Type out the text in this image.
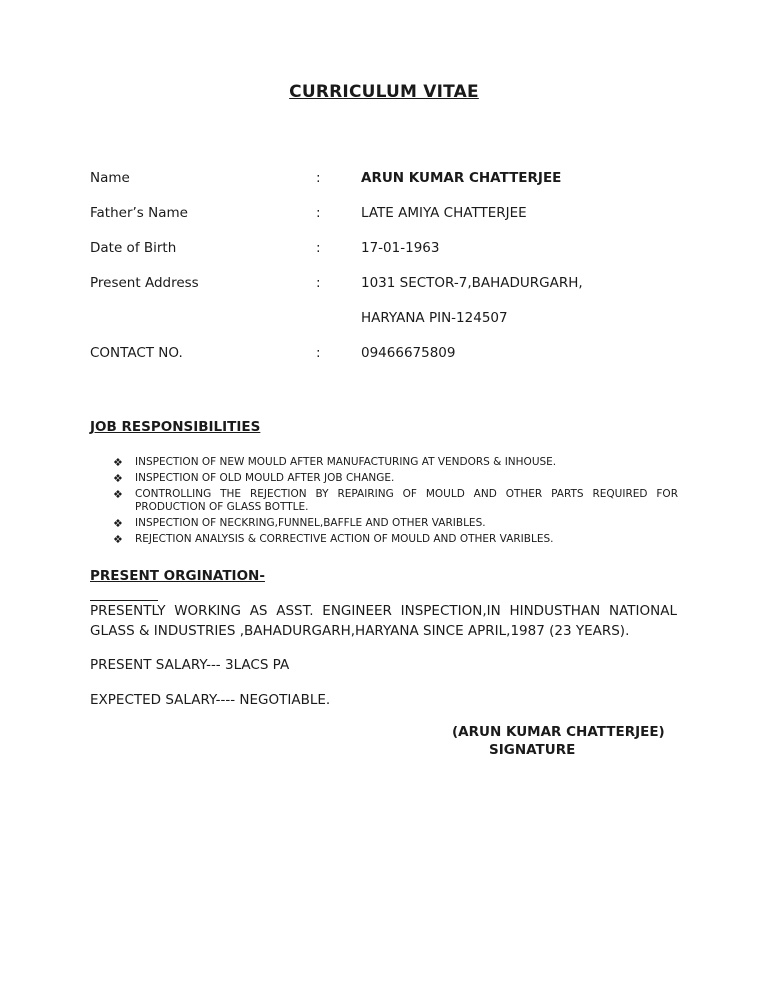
CURRICULUM VITAE
Name	:	ARUN KUMAR CHATTERJEE
Father’s Name	:	LATE AMIYA CHATTERJEE
Date of Birth	:	17-01-1963
Present Address	:	1031 SECTOR-7,BAHADURGARH,
HARYANA PIN-124507
CONTACT NO.	:	09466675809
JOB RESPONSIBILITIES
❖ INSPECTION OF NEW MOULD AFTER MANUFACTURING AT VENDORS & INHOUSE.
❖ INSPECTION OF OLD MOULD AFTER JOB CHANGE.
❖ CONTROLLING THE REJECTION BY REPAIRING OF MOULD AND OTHER PARTS REQUIRED FOR PRODUCTION OF GLASS BOTTLE.
❖ INSPECTION OF NECKRING,FUNNEL,BAFFLE AND OTHER VARIBLES.
❖ REJECTION ANALYSIS & CORRECTIVE ACTION OF MOULD AND OTHER VARIBLES.
PRESENT ORGINATION-
PRESENTLY WORKING AS ASST. ENGINEER INSPECTION,IN HINDUSTHAN NATIONAL GLASS & INDUSTRIES ,BAHADURGARH,HARYANA SINCE APRIL,1987 (23 YEARS).
PRESENT SALARY--- 3LACS PA
EXPECTED SALARY---- NEGOTIABLE.
(ARUN KUMAR CHATTERJEE)
SIGNATURE
